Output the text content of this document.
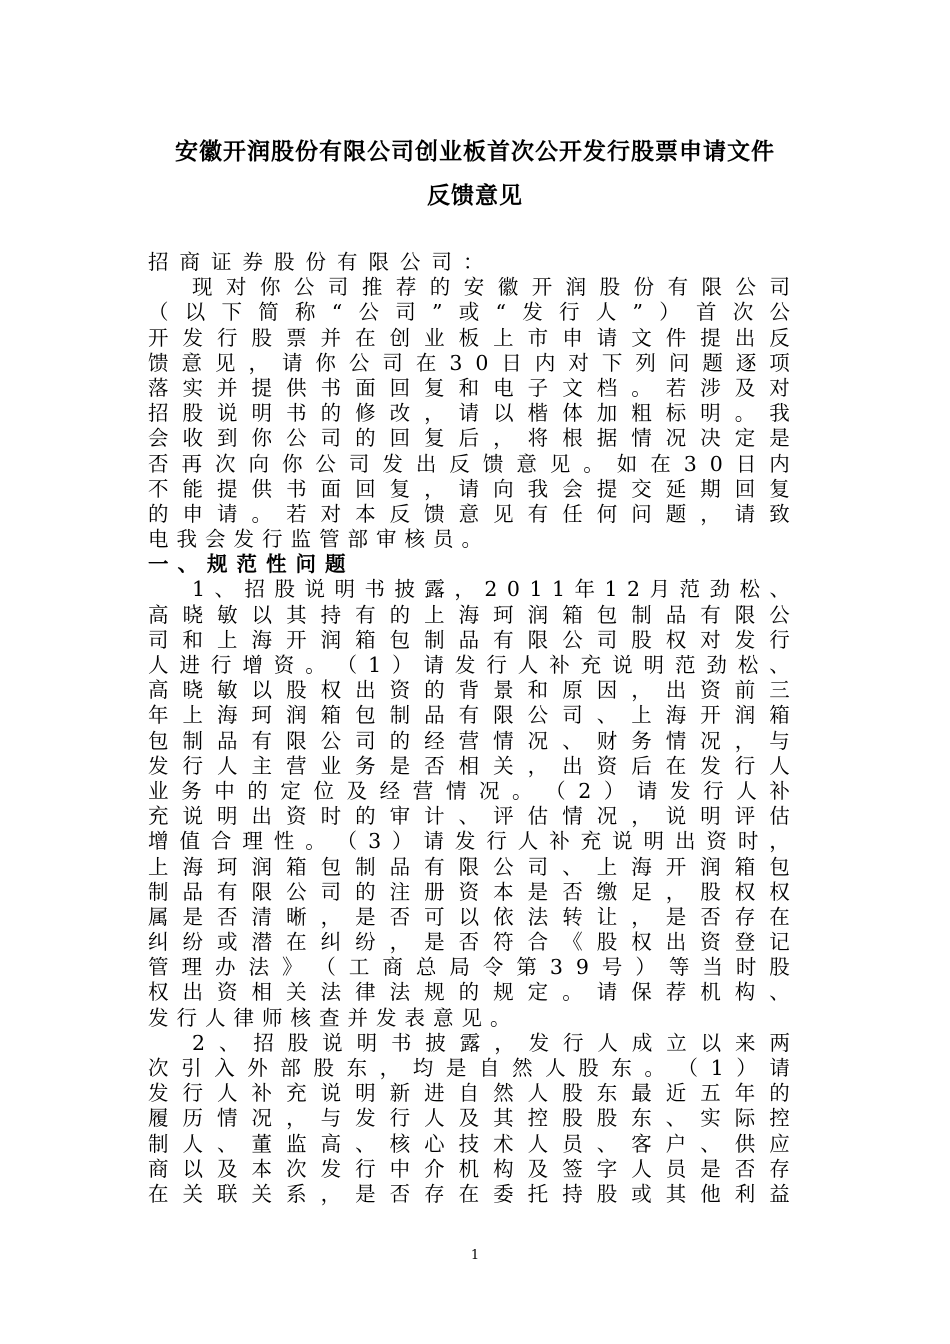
安徽开润股份有限公司创业板首次公开发行股票申请文件
反馈意见
招商证券股份有限公司：
现 对 你 公 司 推 荐 的 安 徽 开 润 股 份 有 限 公 司
（ 以 下 简 称 “ 公 司 ” 或 “ 发 行 人 ” ） 首 次 公
开 发 行 股 票 并 在 创 业 板 上 市 申 请 文 件 提 出 反
馈 意 见 ， 请 你 公 司 在 3 0 日 内 对 下 列 问 题 逐 项
落 实 并 提 供 书 面 回 复 和 电 子 文 档 。 若 涉 及 对
招 股 说 明 书 的 修 改 ， 请 以 楷 体 加 粗 标 明 。 我
会 收 到 你 公 司 的 回 复 后 ， 将 根 据 情 况 决 定 是
否 再 次 向 你 公 司 发 出 反 馈 意 见 。 如 在 3 0 日 内
不 能 提 供 书 面 回 复 ， 请 向 我 会 提 交 延 期 回 复
的 申 请 。 若 对 本 反 馈 意 见 有 任 何 问 题 ， 请 致
电我会发行监管部审核员。
一、规范性问题
1 、 招 股 说 明 书 披 露 ， 2 0 1 1 年 1 2 月 范 劲 松 、
高 晓 敏 以 其 持 有 的 上 海 珂 润 箱 包 制 品 有 限 公
司 和 上 海 开 润 箱 包 制 品 有 限 公 司 股 权 对 发 行
人 进 行 增 资 。 （ 1 ） 请 发 行 人 补 充 说 明 范 劲 松 、
高 晓 敏 以 股 权 出 资 的 背 景 和 原 因 ， 出 资 前 三
年 上 海 珂 润 箱 包 制 品 有 限 公 司 、 上 海 开 润 箱
包 制 品 有 限 公 司 的 经 营 情 况 、 财 务 情 况 ， 与
发 行 人 主 营 业 务 是 否 相 关 ， 出 资 后 在 发 行 人
业 务 中 的 定 位 及 经 营 情 况 。 （ 2 ） 请 发 行 人 补
充 说 明 出 资 时 的 审 计 、 评 估 情 况 ， 说 明 评 估
增 值 合 理 性 。 （ 3 ） 请 发 行 人 补 充 说 明 出 资 时 ，
上 海 珂 润 箱 包 制 品 有 限 公 司 、 上 海 开 润 箱 包
制 品 有 限 公 司 的 注 册 资 本 是 否 缴 足 ， 股 权 权
属 是 否 清 晰 ， 是 否 可 以 依 法 转 让 ， 是 否 存 在
纠 纷 或 潜 在 纠 纷 ， 是 否 符 合 《 股 权 出 资 登 记
管 理 办 法 》 （ 工 商 总 局 令 第 3 9 号 ） 等 当 时 股
权 出 资 相 关 法 律 法 规 的 规 定 。 请 保 荐 机 构 、
发行人律师核查并发表意见。
2 、 招 股 说 明 书 披 露 ， 发 行 人 成 立 以 来 两
次 引 入 外 部 股 东 ， 均 是 自 然 人 股 东 。 （ 1 ） 请
发 行 人 补 充 说 明 新 进 自 然 人 股 东 最 近 五 年 的
履 历 情 况 ， 与 发 行 人 及 其 控 股 股 东 、 实 际 控
制 人 、 董 监 高 、 核 心 技 术 人 员 、 客 户 、 供 应
商 以 及 本 次 发 行 中 介 机 构 及 签 字 人 员 是 否 存
在 关 联 关 系 ， 是 否 存 在 委 托 持 股 或 其 他 利 益
1
